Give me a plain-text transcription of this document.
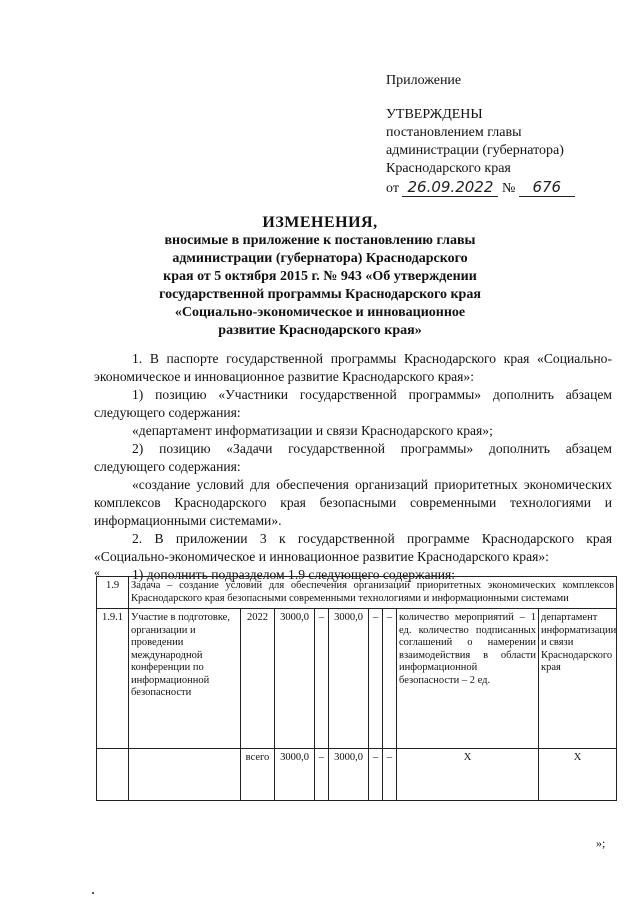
Приложение
УТВЕРЖДЕНЫ
постановлением главы
администрации (губернатора)
Краснодарского края
от 26.09.2022 № 676
ИЗМЕНЕНИЯ,
вносимые в приложение к постановлению главы
администрации (губернатора) Краснодарского
края от 5 октября 2015 г. № 943 «Об утверждении
государственной программы Краснодарского края
«Социально-экономическое и инновационное
развитие Краснодарского края»

1. В паспорте государственной программы Краснодарского края «Социально-экономическое и инновационное развитие Краснодарского края»:

1) позицию «Участники государственной программы» дополнить абзацем следующего содержания:

«департамент информатизации и связи Краснодарского края»;

2) позицию «Задачи государственной программы» дополнить абзацем следующего содержания:

«создание условий для обеспечения организаций приоритетных экономических комплексов Краснодарского края безопасными современными технологиями и информационными системами».

2. В приложении 3 к государственной программе Краснодарского края «Социально-экономическое и инновационное развитие Краснодарского края»:

1) дополнить подразделом 1.9 следующего содержания:

«
1.9	Задача – создание условий для обеспечения организаций приоритетных экономических комплексов Краснодарского края безопасными современными технологиями и информационными системами								
1.9.1	Участие в подготовке, организации и проведении международной конференции по информационной безопасности	2022	3000,0	–	3000,0	–	–	количество мероприятий – 1 ед. количество подписанных соглашений о намерении взаимодействия в области информационной безопасности – 2 ед.	департамент информатизации и связи Краснодарского края
		всего	3000,0	–	3000,0	–	–	X	X
»;
